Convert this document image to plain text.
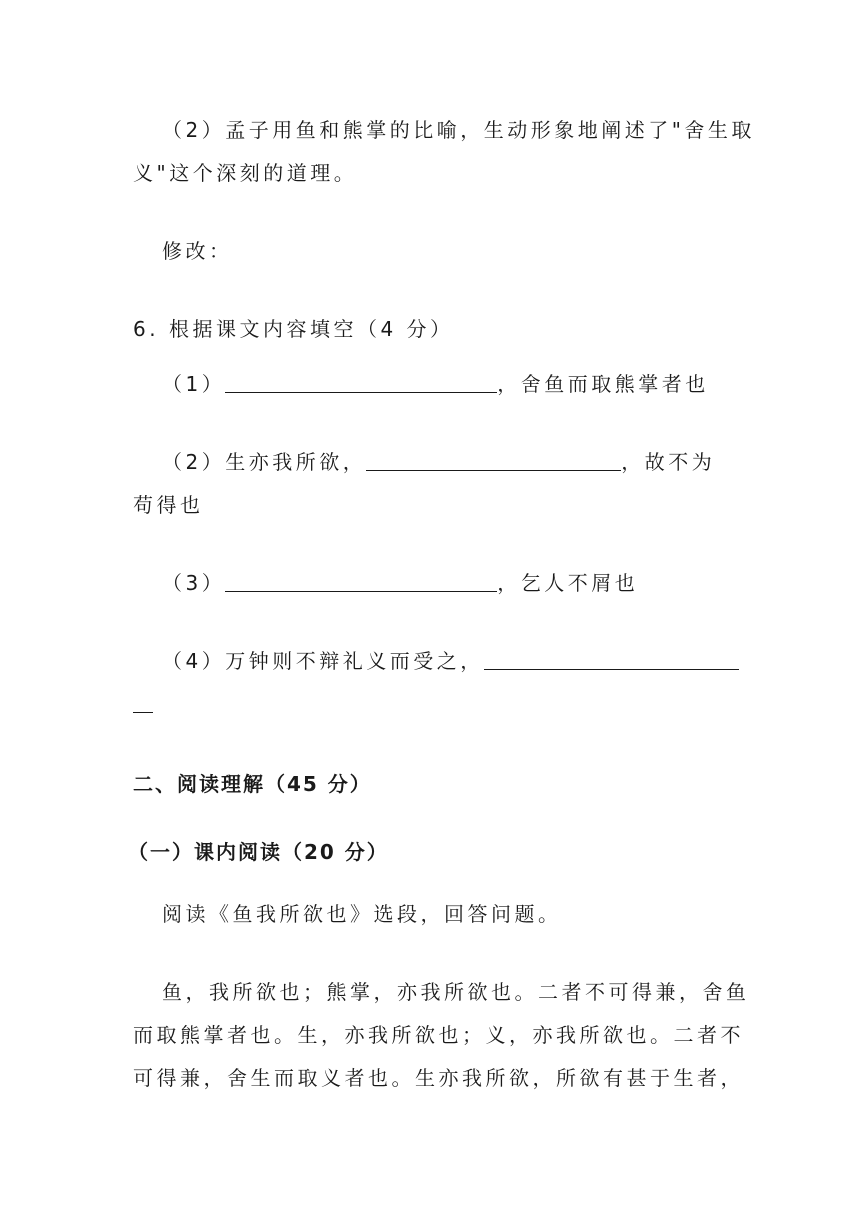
（2）孟子用鱼和熊掌的比喻，生动形象地阐述了"舍生取
义"这个深刻的道理。
修改：
6. 根据课文内容填空（4 分）
（1）	，舍鱼而取熊掌者也
（2）生亦我所欲，	，故不为
苟得也
（3）	，乞人不屑也
（4）万钟则不辩礼义而受之，
二、阅读理解（45 分）
（一）课内阅读（20 分）
阅读《鱼我所欲也》选段，回答问题。
鱼，我所欲也；熊掌，亦我所欲也。二者不可得兼，舍鱼
而取熊掌者也。生，亦我所欲也；义，亦我所欲也。二者不
可得兼，舍生而取义者也。生亦我所欲，所欲有甚于生者，
